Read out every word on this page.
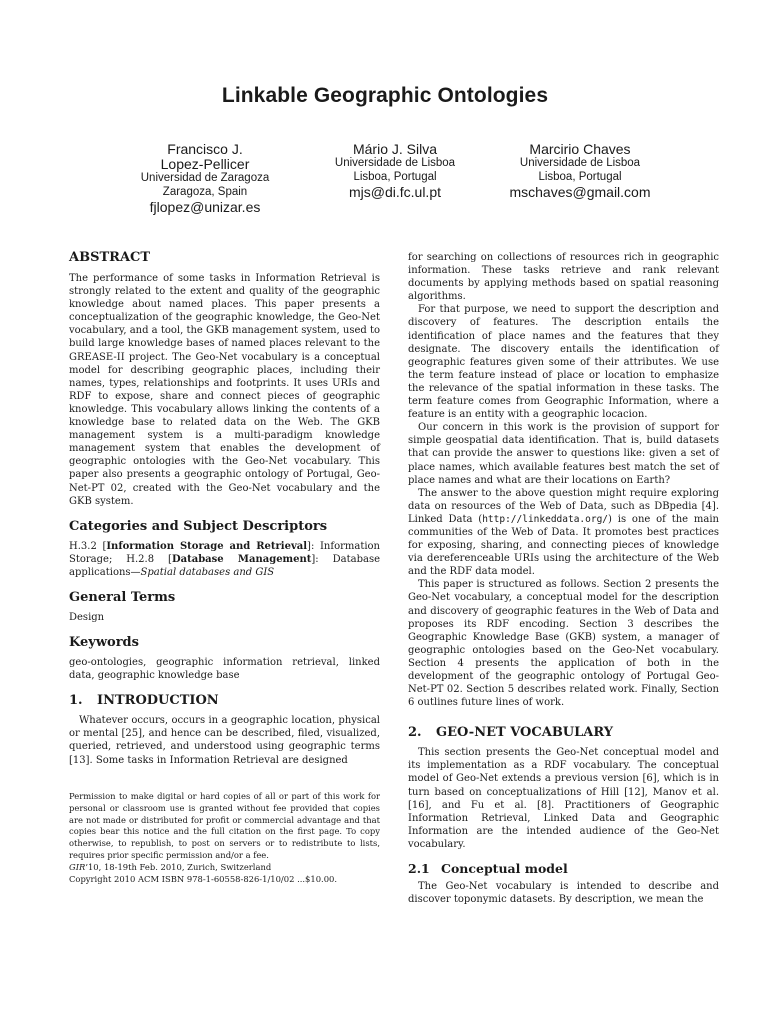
Linkable Geographic Ontologies
Francisco J.
Lopez-Pellicer
Universidad de Zaragoza
Zaragoza, Spain
fjlopez@unizar.es
Mário J. Silva
Universidade de Lisboa
Lisboa, Portugal
mjs@di.fc.ul.pt
Marcirio Chaves
Universidade de Lisboa
Lisboa, Portugal
mschaves@gmail.com
ABSTRACT

The performance of some tasks in Information Retrieval is strongly related to the extent and quality of the geographic knowledge about named places. This paper presents a conceptualization of the geographic knowledge, the Geo-Net vocabulary, and a tool, the GKB management system, used to build large knowledge bases of named places relevant to the GREASE-II project. The Geo-Net vocabulary is a conceptual model for describing geographic places, including their names, types, relationships and footprints. It uses URIs and RDF to expose, share and connect pieces of geographic knowledge. This vocabulary allows linking the contents of a knowledge base to related data on the Web. The GKB management system is a multi-paradigm knowledge management system that enables the development of geographic ontologies with the Geo-Net vocabulary. This paper also presents a geographic ontology of Portugal, Geo-Net-PT 02, created with the Geo-Net vocabulary and the GKB system.

Categories and Subject Descriptors

H.3.2 [Information Storage and Retrieval]: Information Storage; H.2.8 [Database Management]: Database applications—Spatial databases and GIS

General Terms

Design

Keywords

geo-ontologies, geographic information retrieval, linked data, geographic knowledge base

1. INTRODUCTION

Whatever occurs, occurs in a geographic location, physical or mental [25], and hence can be described, filed, visualized, queried, retrieved, and understood using geographic terms [13]. Some tasks in Information Retrieval are designed

Permission to make digital or hard copies of all or part of this work for personal or classroom use is granted without fee provided that copies are not made or distributed for profit or commercial advantage and that copies bear this notice and the full citation on the first page. To copy otherwise, to republish, to post on servers or to redistribute to lists, requires prior specific permission and/or a fee.

GIR’10, 18-19th Feb. 2010, Zurich, Switzerland

Copyright 2010 ACM ISBN 978-1-60558-826-1/10/02 ...$10.00.

for searching on collections of resources rich in geographic information. These tasks retrieve and rank relevant documents by applying methods based on spatial reasoning algorithms.

For that purpose, we need to support the description and discovery of features. The description entails the identification of place names and the features that they designate. The discovery entails the identification of geographic features given some of their attributes. We use the term feature instead of place or location to emphasize the relevance of the spatial information in these tasks. The term feature comes from Geographic Information, where a feature is an entity with a geographic locacion.

Our concern in this work is the provision of support for simple geospatial data identification. That is, build datasets that can provide the answer to questions like: given a set of place names, which available features best match the set of place names and what are their locations on Earth?

The answer to the above question might require exploring data on resources of the Web of Data, such as DBpedia [4]. Linked Data (http://linkeddata.org/) is one of the main communities of the Web of Data. It promotes best practices for exposing, sharing, and connecting pieces of knowledge via dereferenceable URIs using the architecture of the Web and the RDF data model.

This paper is structured as follows. Section 2 presents the Geo-Net vocabulary, a conceptual model for the description and discovery of geographic features in the Web of Data and proposes its RDF encoding. Section 3 describes the Geographic Knowledge Base (GKB) system, a manager of geographic ontologies based on the Geo-Net vocabulary. Section 4 presents the application of both in the development of the geographic ontology of Portugal Geo-Net-PT 02. Section 5 describes related work. Finally, Section 6 outlines future lines of work.

2. GEO-NET VOCABULARY

This section presents the Geo-Net conceptual model and its implementation as a RDF vocabulary. The conceptual model of Geo-Net extends a previous version [6], which is in turn based on conceptualizations of Hill [12], Manov et al. [16], and Fu et al. [8]. Practitioners of Geographic Information Retrieval, Linked Data and Geographic Information are the intended audience of the Geo-Net vocabulary.

2.1 Conceptual model

The Geo-Net vocabulary is intended to describe and discover toponymic datasets. By description, we mean the
